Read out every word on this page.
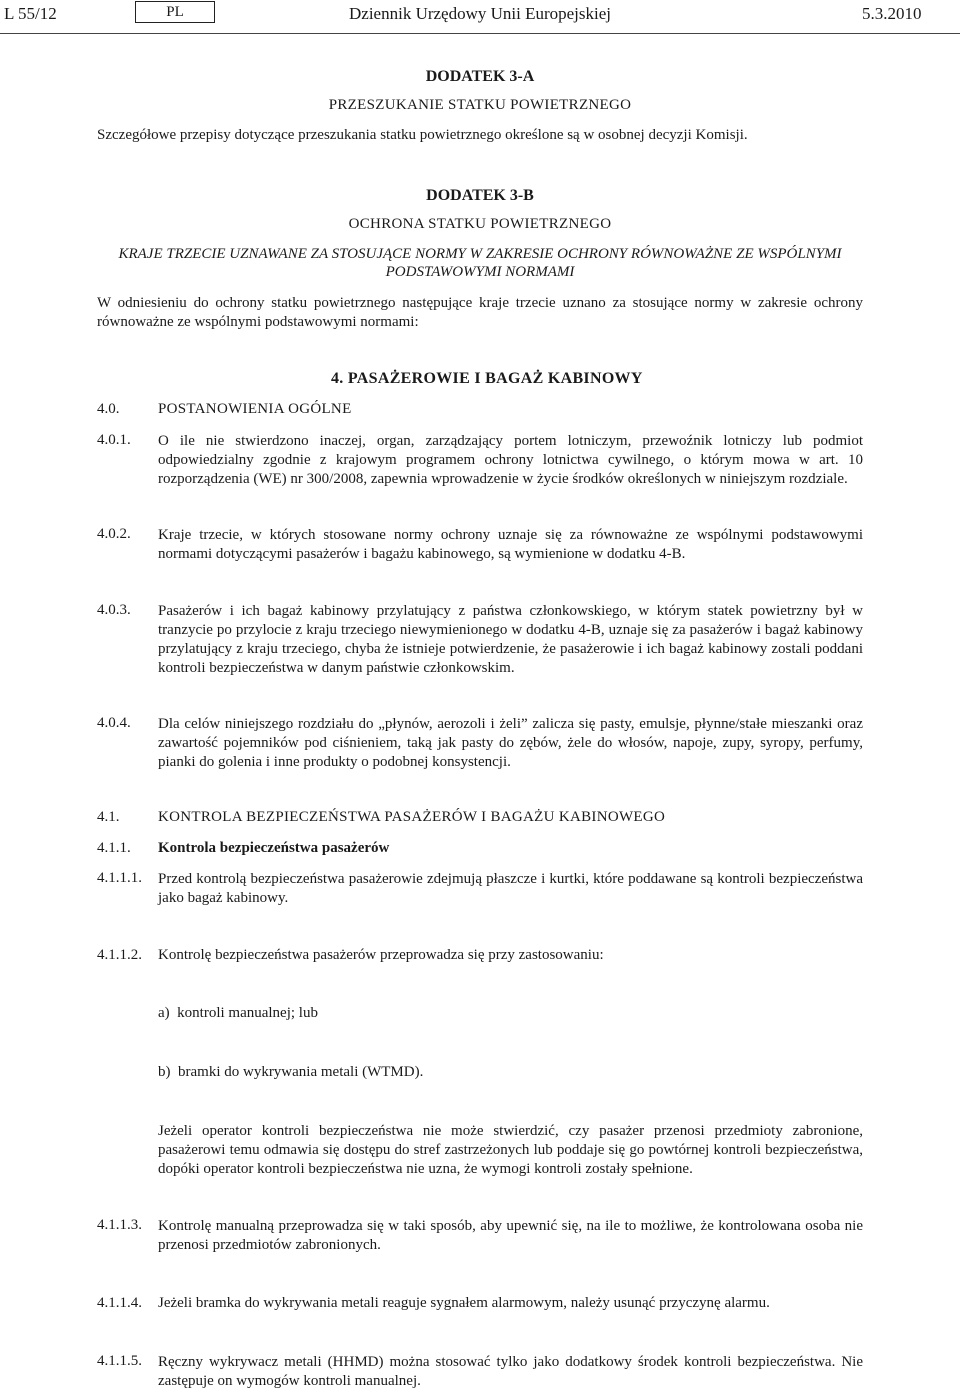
L 55/12	PL	Dziennik Urzędowy Unii Europejskiej	5.3.2010
DODATEK 3-A
PRZESZUKANIE STATKU POWIETRZNEGO
Szczegółowe przepisy dotyczące przeszukania statku powietrznego określone są w osobnej decyzji Komisji.
DODATEK 3-B
OCHRONA STATKU POWIETRZNEGO
KRAJE TRZECIE UZNAWANE ZA STOSUJĄCE NORMY W ZAKRESIE OCHRONY RÓWNOWAŻNE ZE WSPÓLNYMI PODSTAWOWYMI NORMAMI
W odniesieniu do ochrony statku powietrznego następujące kraje trzecie uznano za stosujące normy w zakresie ochrony równoważne ze wspólnymi podstawowymi normami:
4. PASAŻEROWIE I BAGAŻ KABINOWY
4.0.	POSTANOWIENIA OGÓLNE
4.0.1. O ile nie stwierdzono inaczej, organ, zarządzający portem lotniczym, przewoźnik lotniczy lub podmiot odpowiedzialny zgodnie z krajowym programem ochrony lotnictwa cywilnego, o którym mowa w art. 10 rozporządzenia (WE) nr 300/2008, zapewnia wprowadzenie w życie środków określonych w niniejszym rozdziale.
4.0.2. Kraje trzecie, w których stosowane normy ochrony uznaje się za równoważne ze wspólnymi podstawowymi normami dotyczącymi pasażerów i bagażu kabinowego, są wymienione w dodatku 4-B.
4.0.3. Pasażerów i ich bagaż kabinowy przylatujący z państwa członkowskiego, w którym statek powietrzny był w tranzycie po przylocie z kraju trzeciego niewymienionego w dodatku 4-B, uznaje się za pasażerów i bagaż kabinowy przylatujący z kraju trzeciego, chyba że istnieje potwierdzenie, że pasażerowie i ich bagaż kabinowy zostali poddani kontroli bezpieczeństwa w danym państwie członkowskim.
4.0.4. Dla celów niniejszego rozdziału do „płynów, aerozoli i żeli” zalicza się pasty, emulsje, płynne/stałe mieszanki oraz zawartość pojemników pod ciśnieniem, taką jak pasty do zębów, żele do włosów, napoje, zupy, syropy, perfumy, pianki do golenia i inne produkty o podobnej konsystencji.
4.1.	KONTROLA BEZPIECZEŃSTWA PASAŻERÓW I BAGAŻU KABINOWEGO
4.1.1. Kontrola bezpieczeństwa pasażerów
4.1.1.1. Przed kontrolą bezpieczeństwa pasażerowie zdejmują płaszcze i kurtki, które poddawane są kontroli bezpieczeństwa jako bagaż kabinowy.
4.1.1.2. Kontrolę bezpieczeństwa pasażerów przeprowadza się przy zastosowaniu:
a)  kontroli manualnej; lub
b)  bramki do wykrywania metali (WTMD).
Jeżeli operator kontroli bezpieczeństwa nie może stwierdzić, czy pasażer przenosi przedmioty zabronione, pasażerowi temu odmawia się dostępu do stref zastrzeżonych lub poddaje się go powtórnej kontroli bezpieczeństwa, dopóki operator kontroli bezpieczeństwa nie uzna, że wymogi kontroli zostały spełnione.
4.1.1.3. Kontrolę manualną przeprowadza się w taki sposób, aby upewnić się, na ile to możliwe, że kontrolowana osoba nie przenosi przedmiotów zabronionych.
4.1.1.4. Jeżeli bramka do wykrywania metali reaguje sygnałem alarmowym, należy usunąć przyczynę alarmu.
4.1.1.5. Ręczny wykrywacz metali (HHMD) można stosować tylko jako dodatkowy środek kontroli bezpieczeństwa. Nie zastępuje on wymogów kontroli manualnej.
